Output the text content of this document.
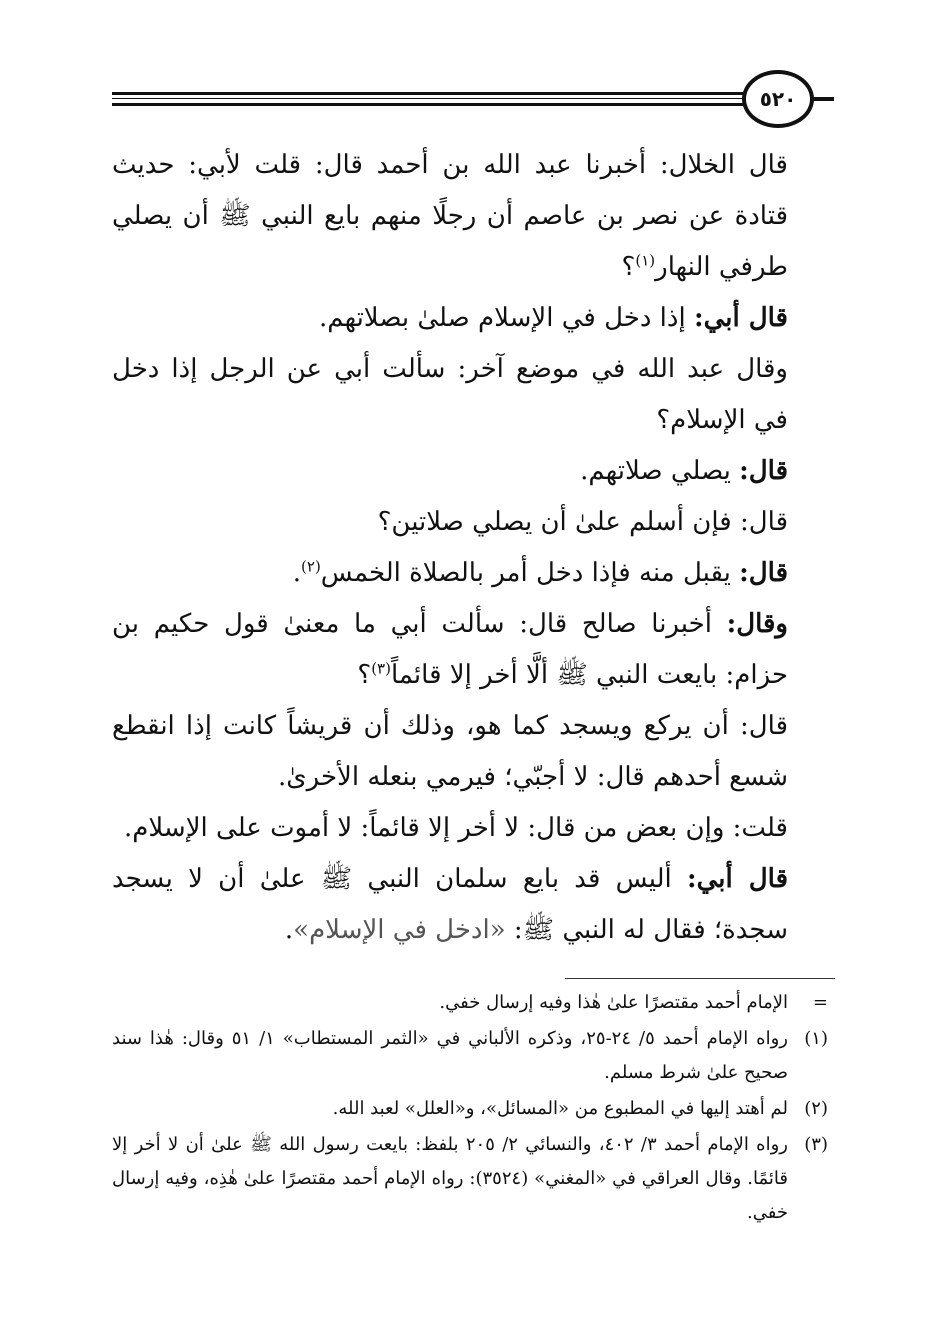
٥٢٠

قال الخلال: أخبرنا عبد الله بن أحمد قال: قلت لأبي: حديث قتادة عن نصر بن عاصم أن رجلًا منهم بايع النبي ﷺ أن يصلي طرفي النهار$^{(١)}$؟

قال أبي: إذا دخل في الإسلام صلىٰ بصلاتهم.

وقال عبد الله في موضع آخر: سألت أبي عن الرجل إذا دخل في الإسلام؟

قال: يصلي صلاتهم.

قال: فإن أسلم علىٰ أن يصلي صلاتين؟

قال: يقبل منه فإذا دخل أمر بالصلاة الخمس$^{(٢)}$.

وقال: أخبرنا صالح قال: سألت أبي ما معنىٰ قول حكيم بن حزام: بايعت النبي ﷺ ألَّا أخر إلا قائماً$^{(٣)}$؟

قال: أن يركع ويسجد كما هو، وذلك أن قريشاً كانت إذا انقطع شسع أحدهم قال: لا أجبّي؛ فيرمي بنعله الأخرىٰ.

قلت: وإن بعض من قال: لا أخر إلا قائماً: لا أموت على الإسلام.

قال أبي: أليس قد بايع سلمان النبي ﷺ علىٰ أن لا يسجد سجدة؛ فقال له النبي ﷺ: «ادخل في الإسلام».

=
الإمام أحمد مقتصرًا علىٰ هٰذا وفيه إرسال خفي.
(١)
رواه الإمام أحمد ٥/ ٢٤-٢٥، وذكره الألباني في «الثمر المستطاب» ١/ ٥١ وقال: هٰذا سند صحيح علىٰ شرط مسلم.
(٢)
لم أهتد إليها في المطبوع من «المسائل»، و«العلل» لعبد الله.
(٣)
رواه الإمام أحمد ٣/ ٤٠٢، والنسائي ٢/ ٢٠٥ بلفظ: بايعت رسول الله ﷺ علىٰ أن لا أخر إلا قائمًا. وقال العراقي في «المغني» (٣٥٢٤): رواه الإمام أحمد مقتصرًا علىٰ هٰذِه، وفيه إرسال خفي.
